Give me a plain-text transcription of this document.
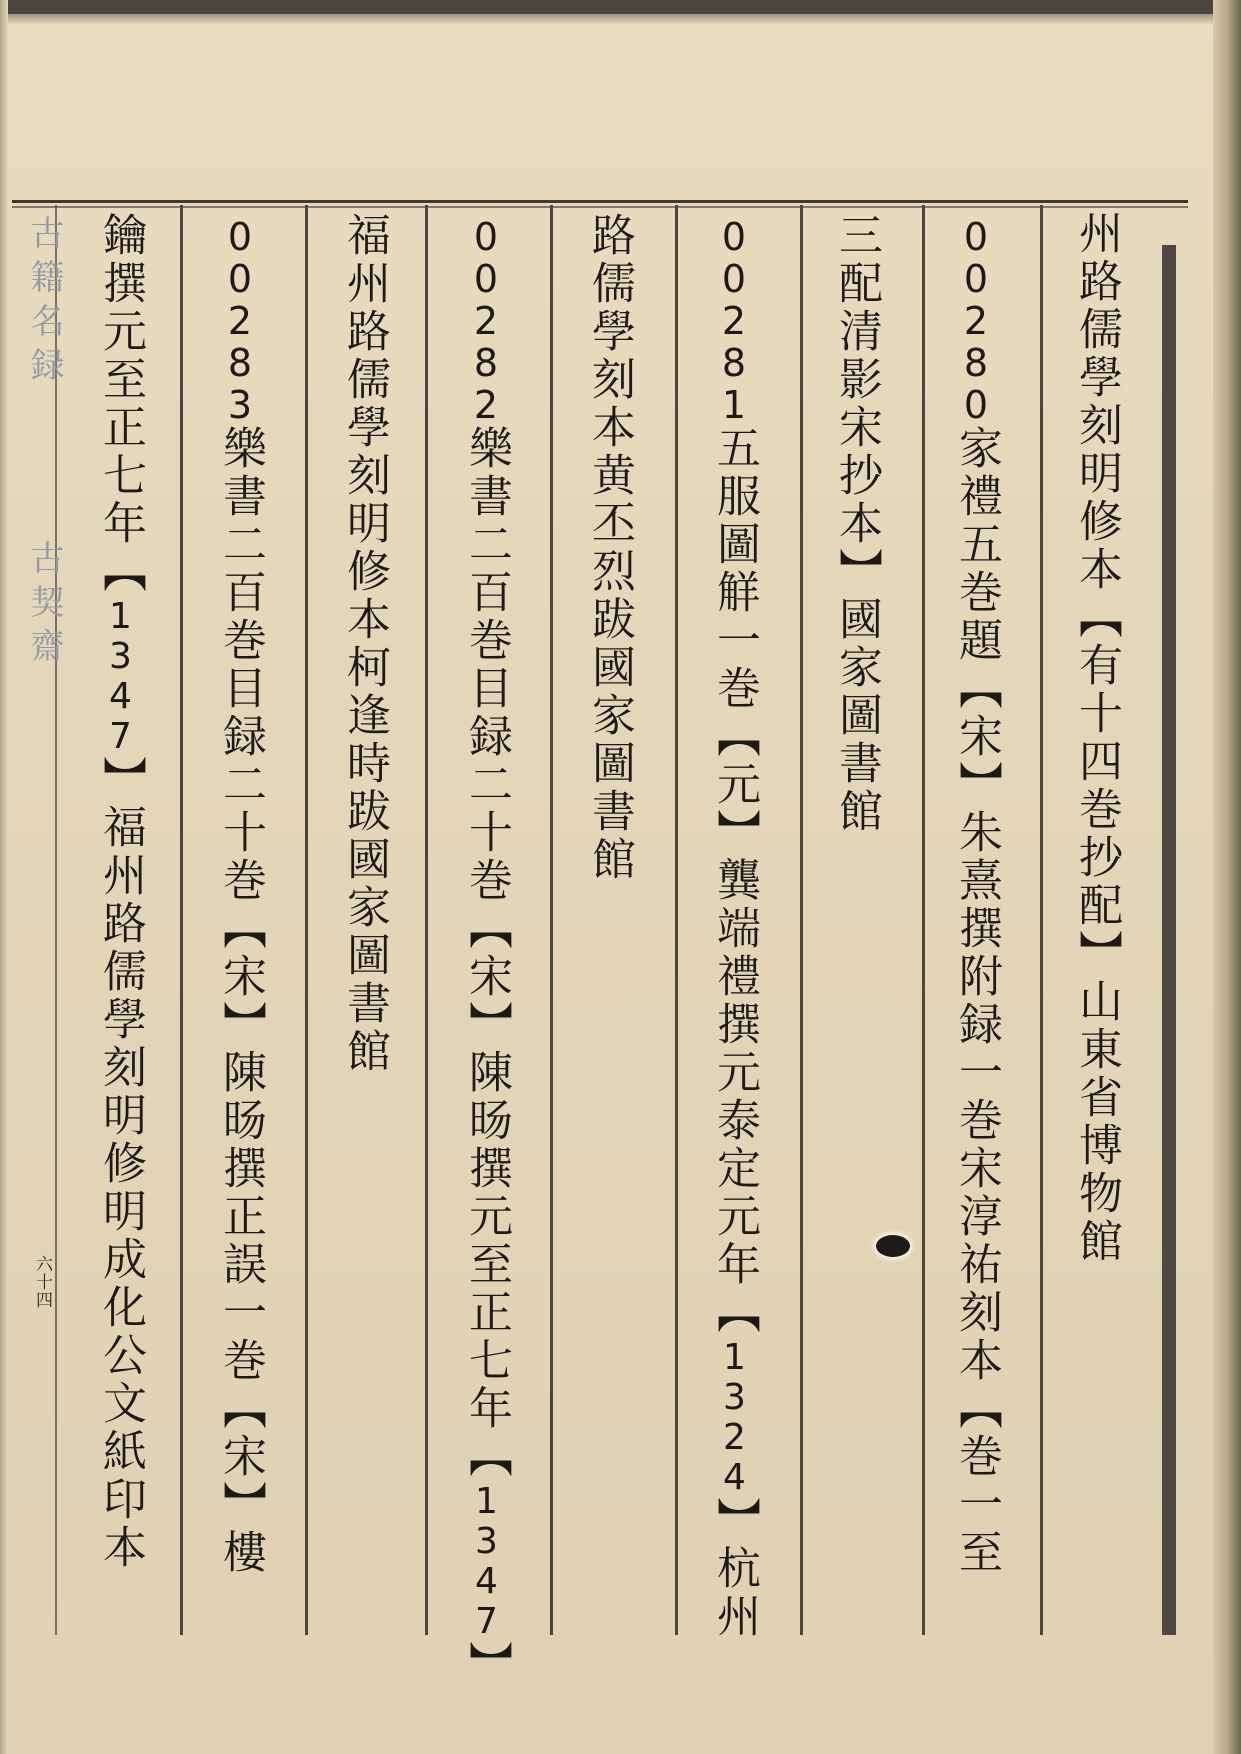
古籍名録
古契齋
六十四
州路儒學刻明修本【有十四巻抄配】山東省博物館
00280家禮五巻題【宋】朱熹撰附録一巻宋淳祐刻本【巻一至
三配清影宋抄本】國家圖書館
00281五服圖觧一巻【元】龔端禮撰元泰定元年【1324】杭州
路儒學刻本黄丕烈跋國家圖書館
00282樂書二百巻目録二十巻【宋】陳旸撰元至正七年【1347】
福州路儒學刻明修本柯逢時跋國家圖書館
00283樂書二百巻目録二十巻【宋】陳旸撰正誤一巻【宋】樓
鑰撰元至正七年【1347】福州路儒學刻明修明成化公文紙印本
